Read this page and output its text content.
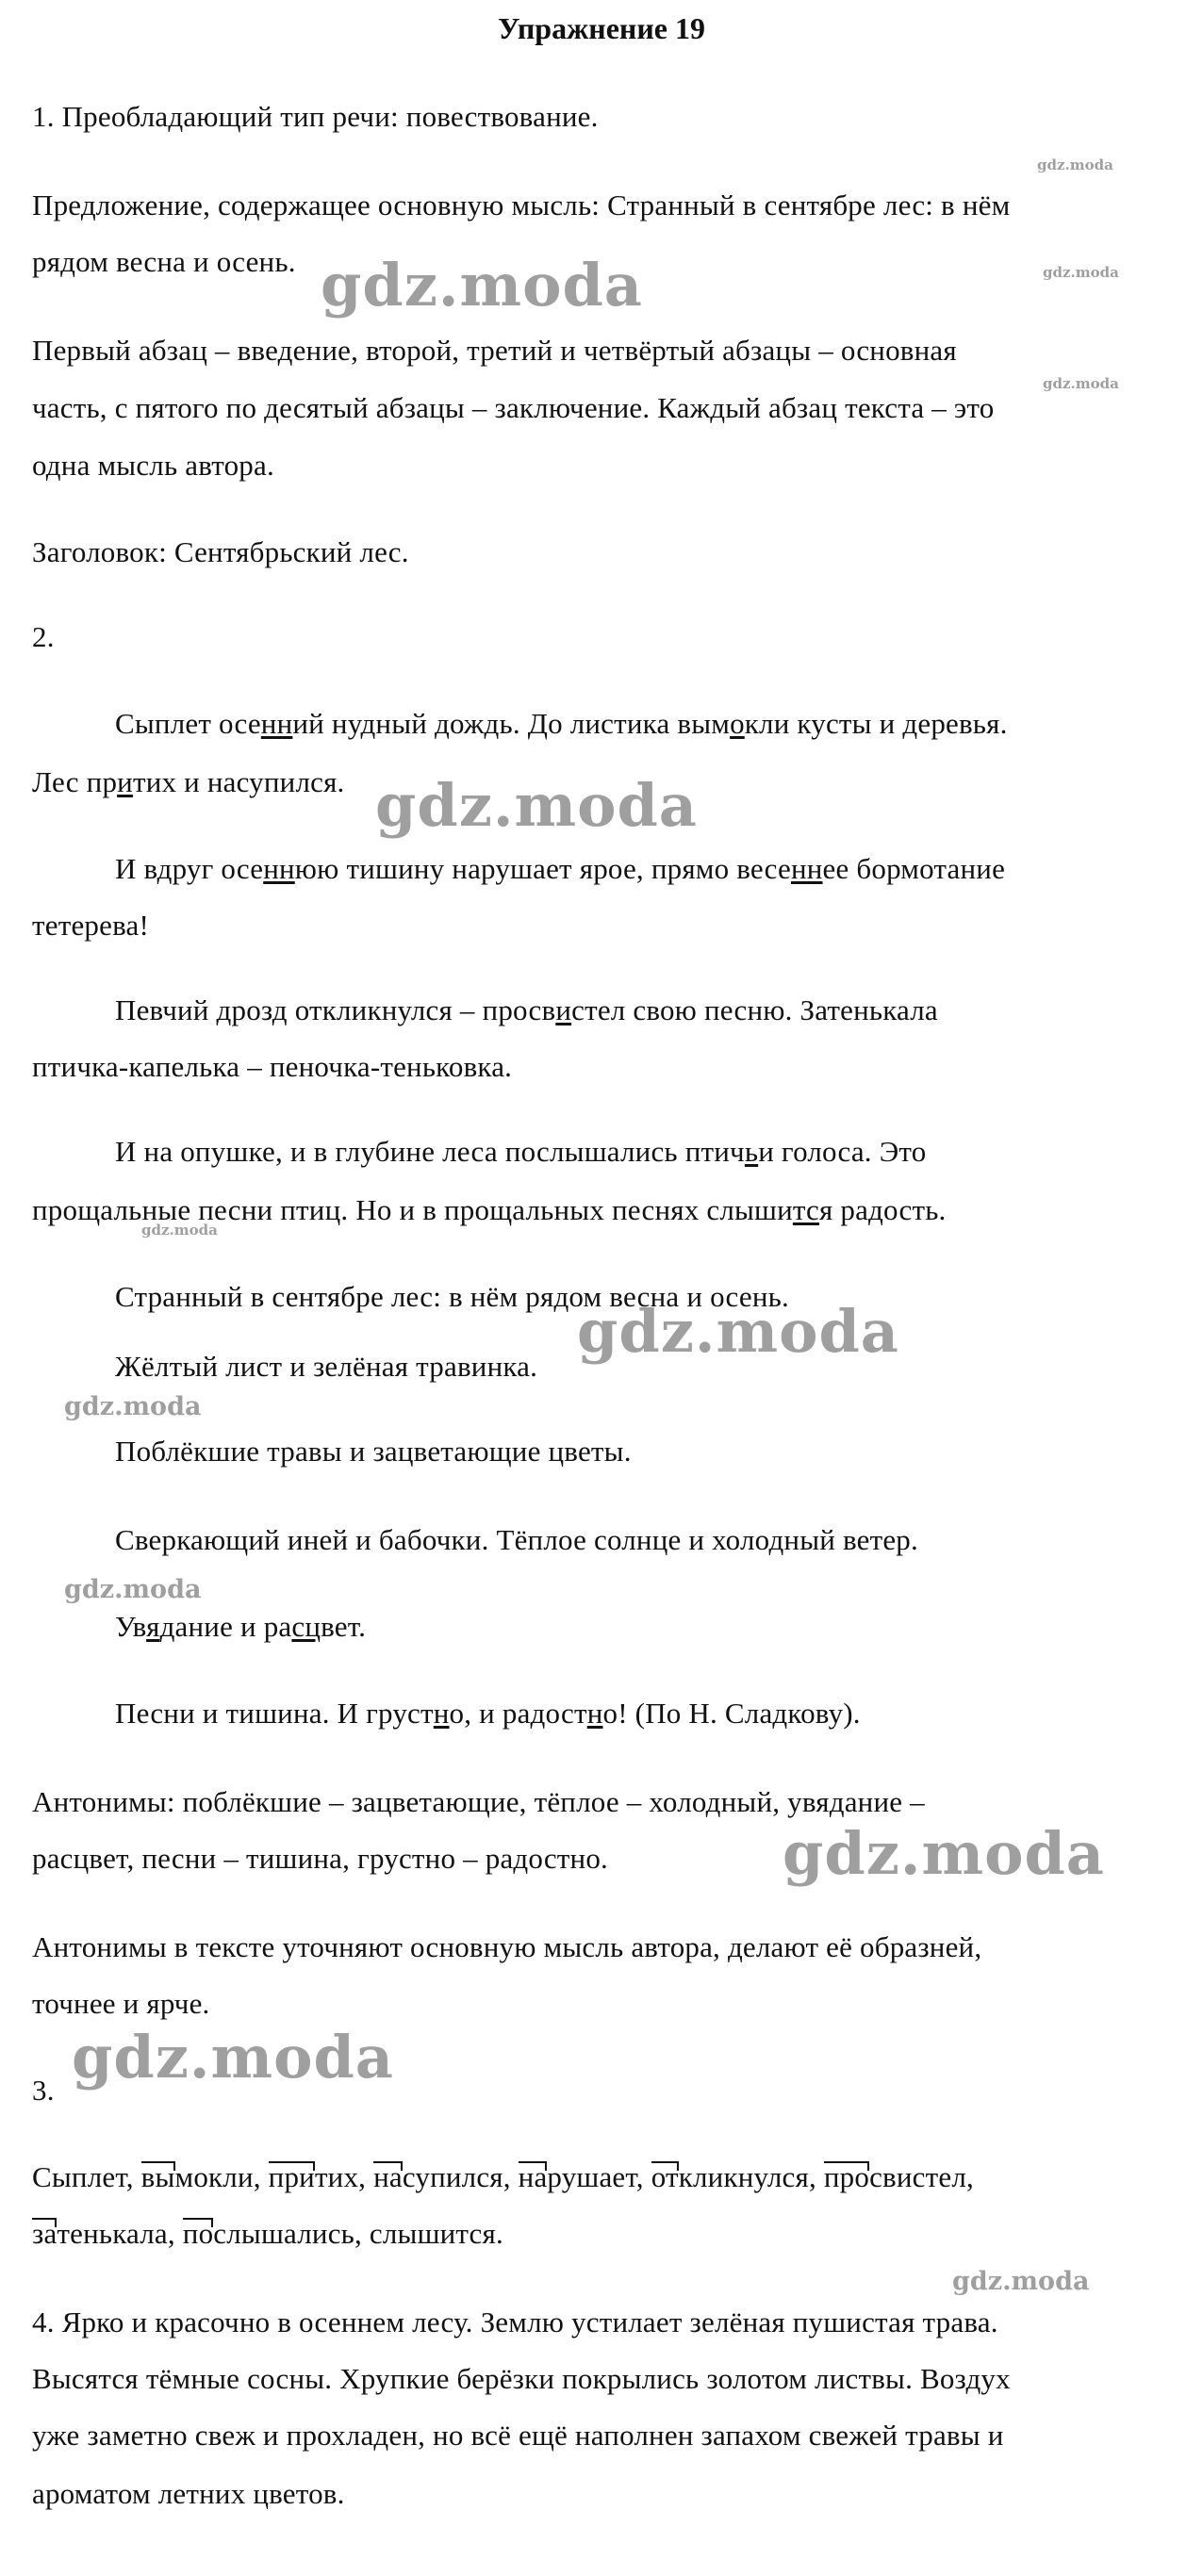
Упражнение 19
1. Преобладающий тип речи: повествование.
Предложение, содержащее основную мысль: Странный в сентябре лес: в нём
рядом весна и осень.
Первый абзац – введение, второй, третий и четвёртый абзацы – основная
часть, с пятого по десятый абзацы – заключение. Каждый абзац текста – это
одна мысль автора.
Заголовок: Сентябрьский лес.
2.
Сыплет осенний нудный дождь. До листика вымокли кусты и деревья.
Лес притих и насупился.
И вдруг осеннюю тишину нарушает ярое, прямо весеннее бормотание
тетерева!
Певчий дрозд откликнулся – просвистел свою песню. Затенькала
птичка-капелька – пеночка-теньковка.
И на опушке, и в глубине леса послышались птичьи голоса. Это
прощальные песни птиц. Но и в прощальных песнях слышится радость.
Странный в сентябре лес: в нём рядом весна и осень.
Жёлтый лист и зелёная травинка.
Поблёкшие травы и зацветающие цветы.
Сверкающий иней и бабочки. Тёплое солнце и холодный ветер.
Увядание и расцвет.
Песни и тишина. И грустно, и радостно! (По Н. Сладкову).
Антонимы: поблёкшие – зацветающие, тёплое – холодный, увядание –
расцвет, песни – тишина, грустно – радостно.
Антонимы в тексте уточняют основную мысль автора, делают её образней,
точнее и ярче.
3.
Сыплет, вымокли, притих, насупился, нарушает, откликнулся, просвистел,
затенькала, послышались, слышится.
4. Ярко и красочно в осеннем лесу. Землю устилает зелёная пушистая трава.
Высятся тёмные сосны. Хрупкие берёзки покрылись золотом листвы. Воздух
уже заметно свеж и прохладен, но всё ещё наполнен запахом свежей травы и
ароматом летних цветов.
gdz.moda
gdz.moda
gdz.moda
gdz.moda
gdz.moda
gdz.moda
gdz.moda
gdz.moda
gdz.moda
gdz.moda
gdz.moda
gdz.moda
